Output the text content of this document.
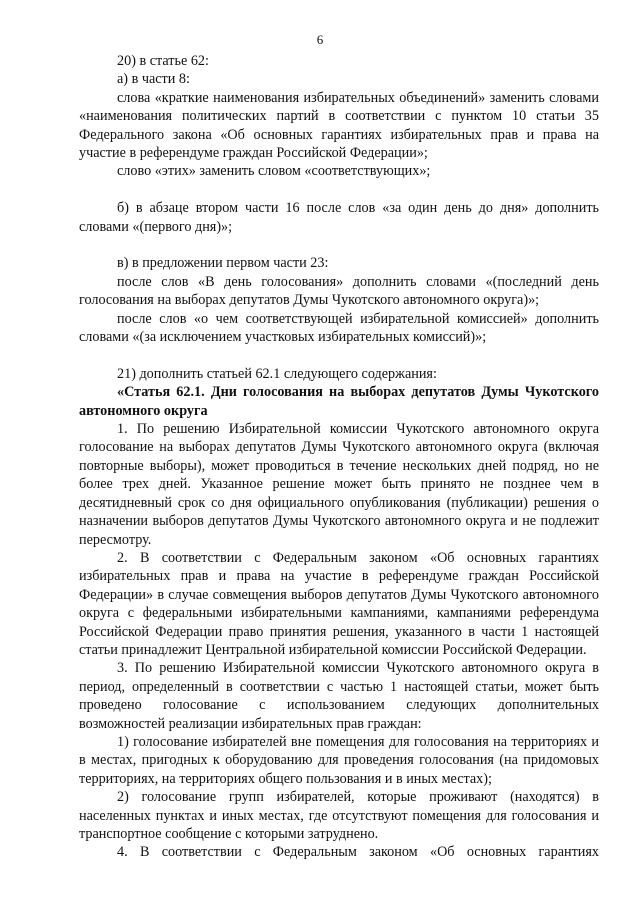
6

20) в статье 62:

а) в части 8:

слова «краткие наименования избирательных объединений» заменить словами «наименования политических партий в соответствии с пунктом 10 статьи 35 Федерального закона «Об основных гарантиях избирательных прав и права на участие в референдуме граждан Российской Федерации»;

слово «этих» заменить словом «соответствующих»;

б) в абзаце втором части 16 после слов «за один день до дня» дополнить словами «(первого дня)»;

в) в предложении первом части 23:

после слов «В день голосования» дополнить словами «(последний день голосования на выборах депутатов Думы Чукотского автономного округа)»;

после слов «о чем соответствующей избирательной комиссией» дополнить словами «(за исключением участковых избирательных комиссий)»;

21) дополнить статьей 62.1 следующего содержания:

«Статья 62.1. Дни голосования на выборах депутатов Думы Чукотского автономного округа

1. По решению Избирательной комиссии Чукотского автономного округа голосование на выборах депутатов Думы Чукотского автономного округа (включая повторные выборы), может проводиться в течение нескольких дней подряд, но не более трех дней. Указанное решение может быть принято не позднее чем в десятидневный срок со дня официального опубликования (публикации) решения о назначении выборов депутатов Думы Чукотского автономного округа и не подлежит пересмотру.

2. В соответствии с Федеральным законом «Об основных гарантиях избирательных прав и права на участие в референдуме граждан Российской Федерации» в случае совмещения выборов депутатов Думы Чукотского автономного округа с федеральными избирательными кампаниями, кампаниями референдума Российской Федерации право принятия решения, указанного в части 1 настоящей статьи принадлежит Центральной избирательной комиссии Российской Федерации.

3. По решению Избирательной комиссии Чукотского автономного округа в период, определенный в соответствии с частью 1 настоящей статьи, может быть проведено голосование с использованием следующих дополнительных возможностей реализации избирательных прав граждан:

1) голосование избирателей вне помещения для голосования на территориях и в местах, пригодных к оборудованию для проведения голосования (на придомовых территориях, на территориях общего пользования и в иных местах);

2) голосование групп избирателей, которые проживают (находятся) в населенных пунктах и иных местах, где отсутствуют помещения для голосования и транспортное сообщение с которыми затруднено.

4. В соответствии с Федеральным законом «Об основных гарантиях
